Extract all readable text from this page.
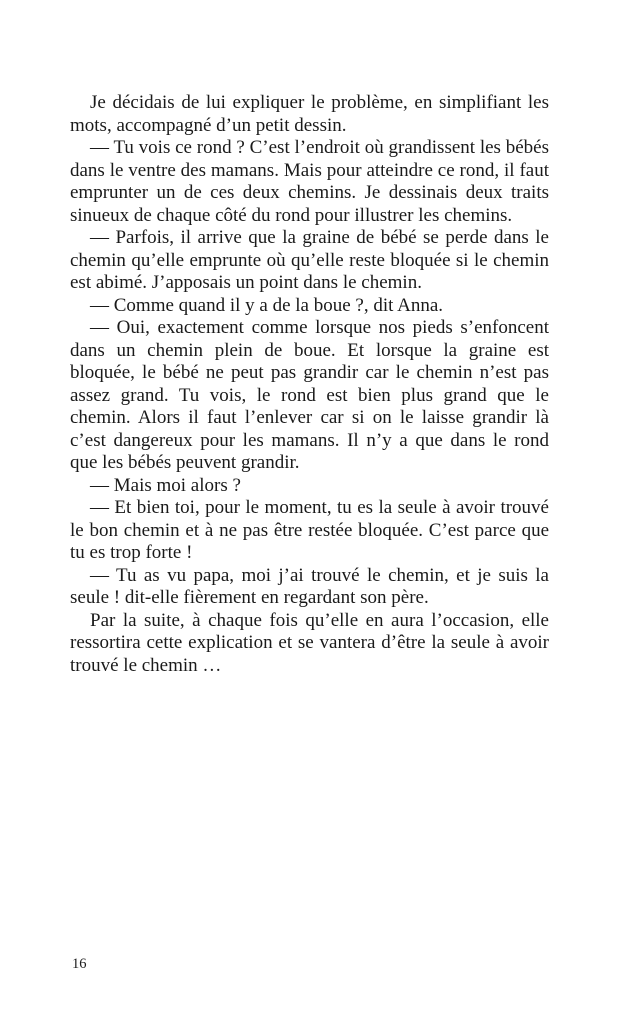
Je décidais de lui expliquer le problème, en simplifiant les mots, accompagné d’un petit dessin.

— Tu vois ce rond ? C’est l’endroit où grandissent les bébés dans le ventre des mamans. Mais pour atteindre ce rond, il faut emprunter un de ces deux chemins. Je dessinais deux traits sinueux de chaque côté du rond pour illustrer les chemins.

— Parfois, il arrive que la graine de bébé se perde dans le chemin qu’elle emprunte où qu’elle reste bloquée si le chemin est abimé. J’apposais un point dans le chemin.

— Comme quand il y a de la boue ?, dit Anna.

— Oui, exactement comme lorsque nos pieds s’enfoncent dans un chemin plein de boue. Et lorsque la graine est bloquée, le bébé ne peut pas grandir car le chemin n’est pas assez grand. Tu vois, le rond est bien plus grand que le chemin. Alors il faut l’enlever car si on le laisse grandir là c’est dangereux pour les mamans. Il n’y a que dans le rond que les bébés peuvent grandir.

— Mais moi alors ?

— Et bien toi, pour le moment, tu es la seule à avoir trouvé le bon chemin et à ne pas être restée bloquée. C’est parce que tu es trop forte !

— Tu as vu papa, moi j’ai trouvé le chemin, et je suis la seule ! dit-elle fièrement en regardant son père.

Par la suite, à chaque fois qu’elle en aura l’occasion, elle ressortira cette explication et se vantera d’être la seule à avoir trouvé le chemin …

16
